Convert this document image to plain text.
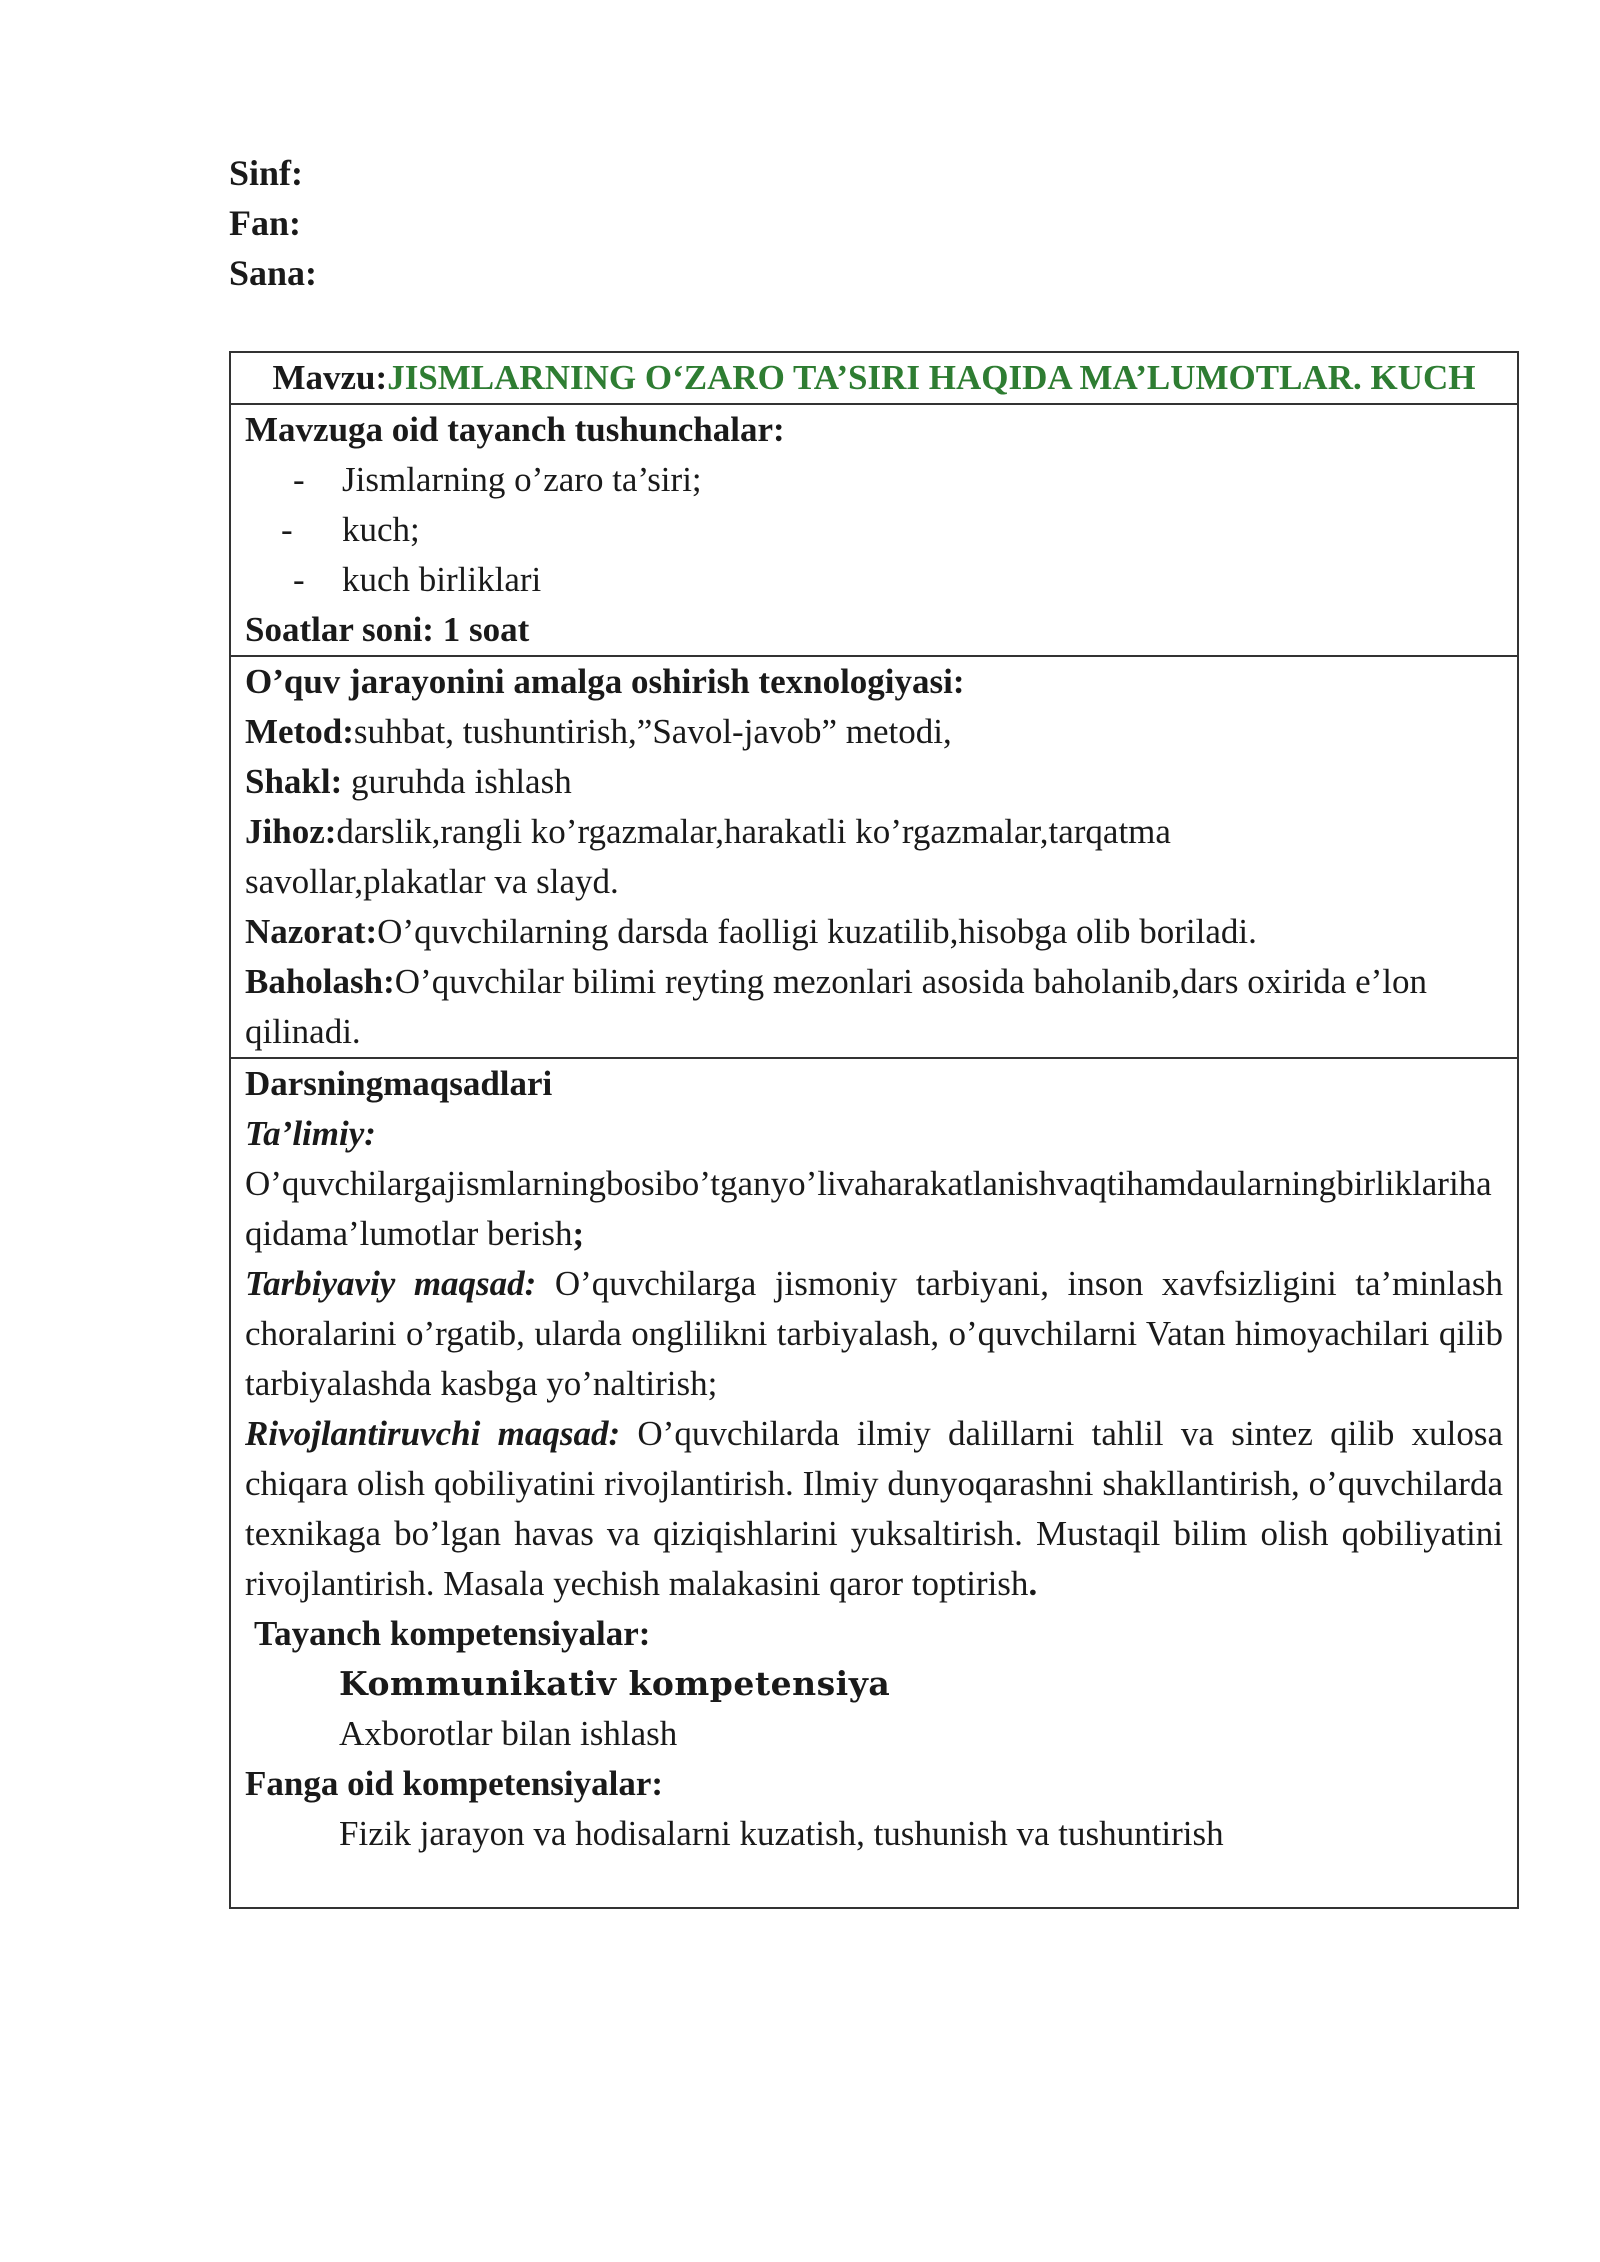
Sinf:
Fan:
Sana:
Mavzu:JISMLARNING O‘ZARO TA’SIRI HAQIDA MA’LUMOTLAR. KUCH

Mavzuga oid tayanch tushunchalar:
- Jismlarning o’zaro ta’siri;
- kuch;
- kuch birliklari
Soatlar soni: 1 soat

O’quv jarayonini amalga oshirish texnologiyasi:
Metod:suhbat, tushuntirish,”Savol-javob” metodi,
Shakl: guruhda ishlash
Jihoz:darslik,rangli ko’rgazmalar,harakatli ko’rgazmalar,tarqatma savollar,plakatlar va slayd.
Nazorat:O’quvchilarning darsda faolligi kuzatilib,hisobga olib boriladi.
Baholash:O’quvchilar bilimi reyting mezonlari asosida baholanib,dars oxirida e’lon qilinadi.

Darsningmaqsadlari
Ta’limiy:
O’quvchilargajismlarningbosibo’tganyo’livaharakatlanishvaqtihamdaularningbirliklarihaqidama’lumotlar berish;
Tarbiyaviy maqsad: O’quvchilarga jismoniy tarbiyani, inson xavfsizligini ta’minlash choralarini o’rgatib, ularda onglilikni tarbiyalash, o’quvchilarni Vatan himoyachilari qilib tarbiyalashda kasbga yo’naltirish;
Rivojlantiruvchi maqsad: O’quvchilarda ilmiy dalillarni tahlil va sintez qilib xulosa chiqara olish qobiliyatini rivojlantirish. Ilmiy dunyoqarashni shakllantirish, o’quvchilarda texnikaga bo’lgan havas va qiziqishlarini yuksaltirish. Mustaqil bilim olish qobiliyatini rivojlantirish. Masala yechish malakasini qaror toptirish.
Tayanch kompetensiyalar:
Kommunikativ kompetensiya
Axborotlar bilan ishlash
Fanga oid kompetensiyalar:
Fizik jarayon va hodisalarni kuzatish, tushunish va tushuntirish
